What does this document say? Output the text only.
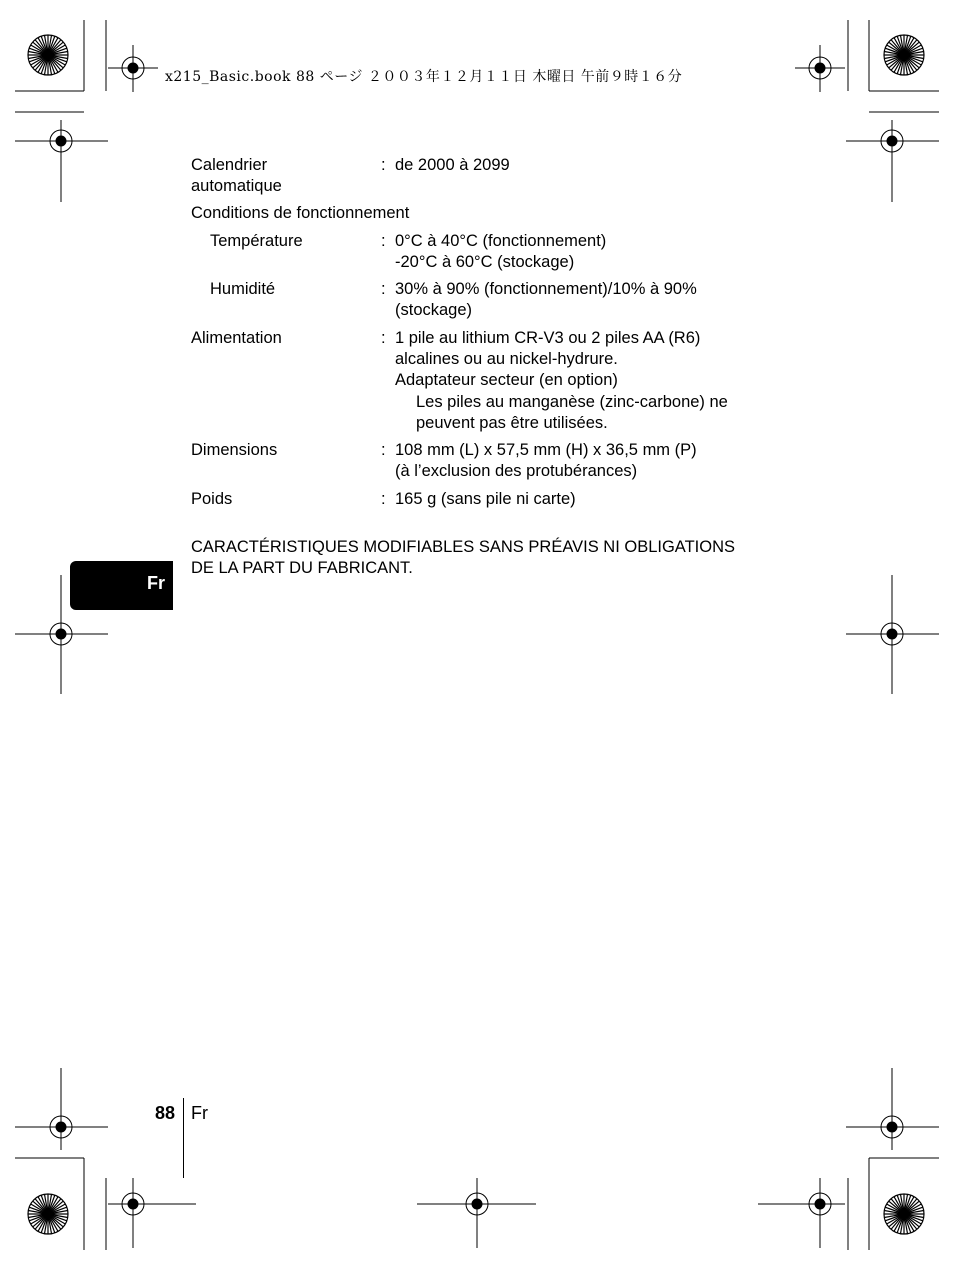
x215_Basic.book 88 ページ ２００３年１２月１１日 木曜日 午前９時１６分
Calendrier
automatique
: de 2000 à 2099
Conditions de fonctionnement
Température	: 0°C à 40°C (fonctionnement)
-20°C à 60°C (stockage)
Humidité	: 30% à 90% (fonctionnement)/10% à 90%
(stockage)
Alimentation	: 1 pile au lithium CR-V3 ou 2 piles AA (R6)
alcalines ou au nickel-hydrure.
Adaptateur secteur (en option)
Les piles au manganèse (zinc-carbone) ne
peuvent pas être utilisées.
Dimensions	: 108 mm (L) x 57,5 mm (H) x 36,5 mm (P)
(à l’exclusion des protubérances)
Poids	: 165 g (sans pile ni carte)
CARACTÉRISTIQUES MODIFIABLES SANS PRÉAVIS NI OBLIGATIONS
DE LA PART DU FABRICANT.
Fr
88 Fr
